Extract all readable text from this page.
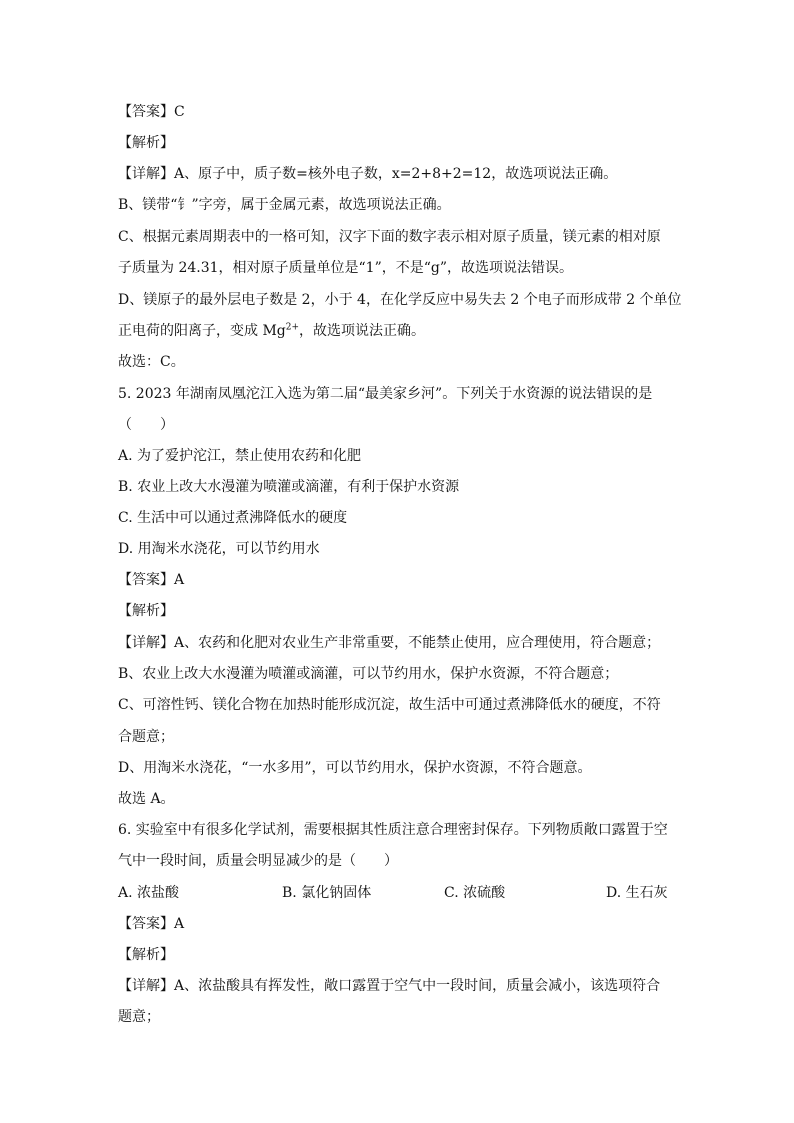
【答案】C
【解析】
【详解】A、原子中，质子数=核外电子数，x=2+8+2=12，故选项说法正确。
B、镁带“钅”字旁，属于金属元素，故选项说法正确。
C、根据元素周期表中的一格可知，汉字下面的数字表示相对原子质量，镁元素的相对原
子质量为 24.31，相对原子质量单位是“1”，不是“g”，故选项说法错误。
D、镁原子的最外层电子数是 2，小于 4，在化学反应中易失去 2 个电子而形成带 2 个单位
正电荷的阳离子，变成 $Mg^{2+}$，故选项说法正确。
故选：C。
5. 2023 年湖南凤凰沱江入选为第二届“最美家乡河”。下列关于水资源的说法错误的是
（　　）
A. 为了爱护沱江，禁止使用农药和化肥
B. 农业上改大水漫灌为喷灌或滴灌，有利于保护水资源
C. 生活中可以通过煮沸降低水的硬度
D. 用淘米水浇花，可以节约用水
【答案】A
【解析】
【详解】A、农药和化肥对农业生产非常重要，不能禁止使用，应合理使用，符合题意；
B、农业上改大水漫灌为喷灌或滴灌，可以节约用水，保护水资源，不符合题意；
C、可溶性钙、镁化合物在加热时能形成沉淀，故生活中可通过煮沸降低水的硬度，不符
合题意；
D、用淘米水浇花，“一水多用”，可以节约用水，保护水资源，不符合题意。
故选 A。
6. 实验室中有很多化学试剂，需要根据其性质注意合理密封保存。下列物质敞口露置于空
气中一段时间，质量会明显减少的是（　　）
A. 浓盐酸	B. 氯化钠固体	C. 浓硫酸	D. 生石灰
【答案】A
【解析】
【详解】A、浓盐酸具有挥发性，敞口露置于空气中一段时间，质量会减小，该选项符合
题意；
